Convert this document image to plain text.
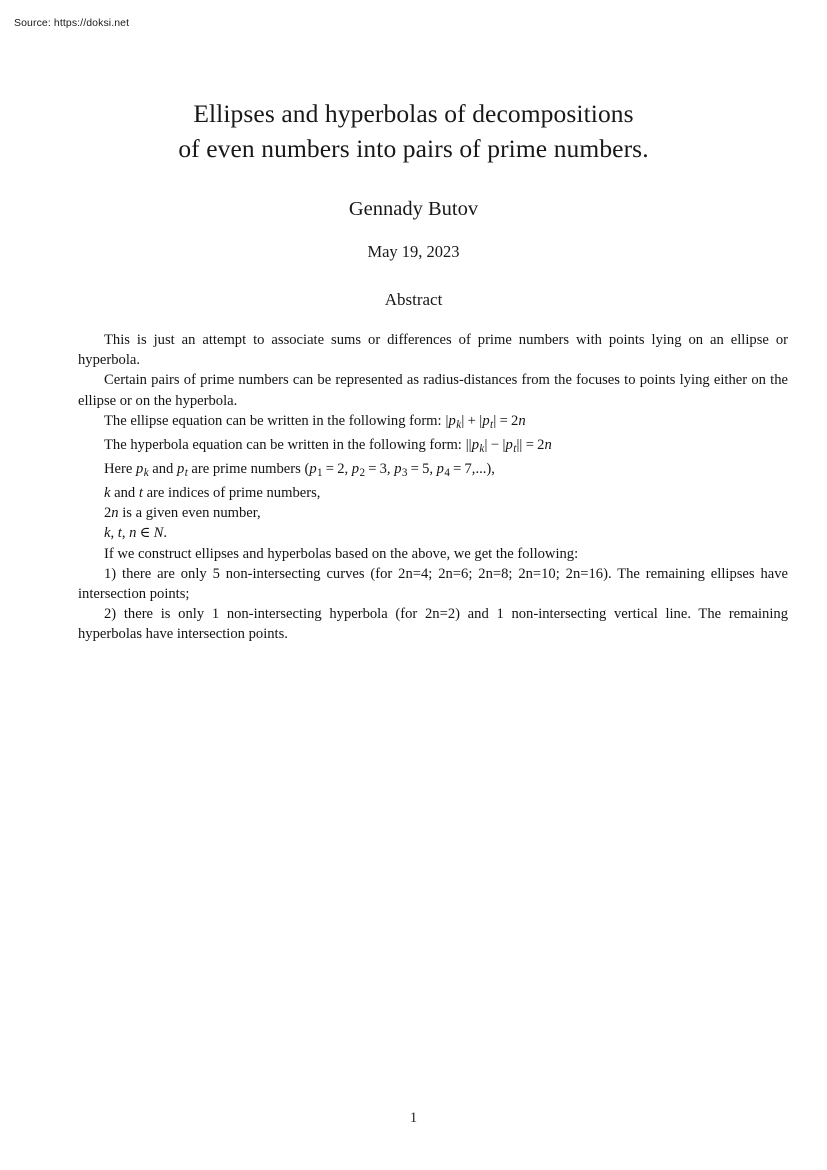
Source: https://doksi.net
Ellipses and hyperbolas of decompositions
of even numbers into pairs of prime numbers.
Gennady Butov
May 19, 2023
Abstract

This is just an attempt to associate sums or differences of prime numbers with points lying on an ellipse or hyperbola.

Certain pairs of prime numbers can be represented as radius-distances from the focuses to points lying either on the ellipse or on the hyperbola.

The ellipse equation can be written in the following form: |pk| + |pt| = 2n

The hyperbola equation can be written in the following form: ||pk| − |pt|| = 2n

Here pk and pt are prime numbers (p1 = 2, p2 = 3, p3 = 5, p4 = 7,...),

k and t are indices of prime numbers,

2n is a given even number,

k, t, n ∈ N.

If we construct ellipses and hyperbolas based on the above, we get the following:

1) there are only 5 non-intersecting curves (for 2n=4; 2n=6; 2n=8; 2n=10; 2n=16). The remaining ellipses have intersection points;

2) there is only 1 non-intersecting hyperbola (for 2n=2) and 1 non-intersecting vertical line. The remaining hyperbolas have intersection points.

1
